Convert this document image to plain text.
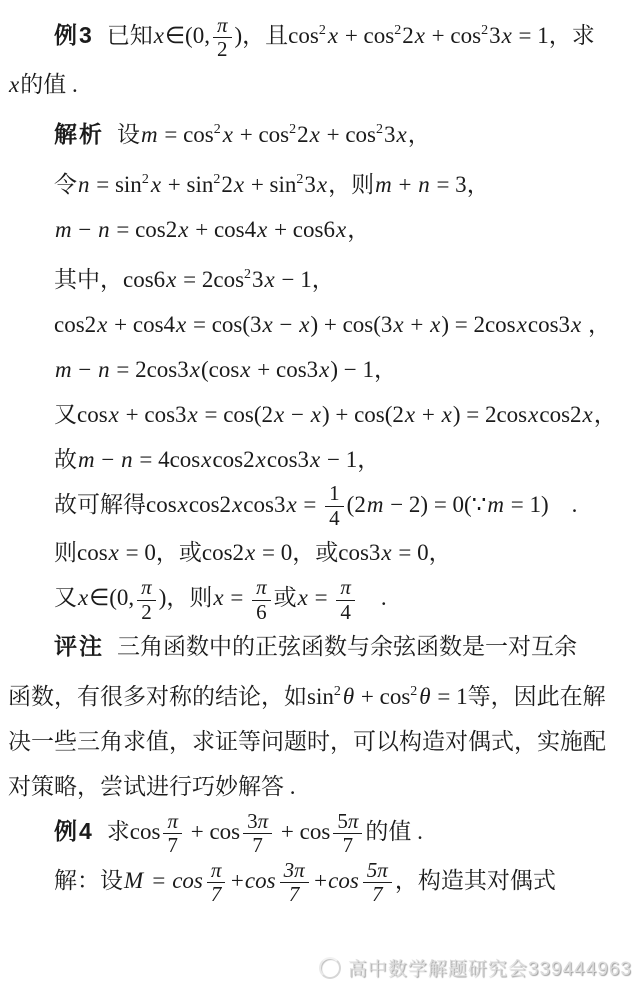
例3 已知x∈(0, $\frac{\pi}{2}$ )，且$\cos^2x + \cos^22x + \cos^23x = 1$，求
x的值 .
解析 设$m = \cos^2x + \cos^22x + \cos^23x$，
令$n = \sin^2x + \sin^22x + \sin^23x$，则m + n = 3，
m − n = cos2x + cos4x + cos6x，
其中，$\cos 6x = 2\cos^23x - 1$，
cos2x + cos4x = cos(3x − x) + cos(3x + x) = 2cosxcos3x ，
m − n = 2cos3x(cosx + cos3x) − 1，
又cosx + cos3x = cos(2x − x) + cos(2x + x) = 2cosxcos2x，
故m − n = 4cosxcos2xcos3x − 1，
故可解得cosxcos2xcos3x = $\frac{1}{4} (2m - 2)$ = 0(∵m = 1)　.
则cosx = 0，或cos2x = 0，或cos3x = 0，
又x∈(0, $\frac{\pi}{2}$ )，则$x = \frac{\pi}{6}$ 或$x = \frac{\pi}{4}$ 　.
评注 三角函数中的正弦函数与余弦函数是一对互余
函数，有很多对称的结论，如$\sin^2\theta + \cos^2\theta = 1$等，因此在解
决一些三角求值，求证等问题时，可以构造对偶式，实施配
对策略，尝试进行巧妙解答 .
例4 求$\cos \frac{\pi}{7} + \cos \frac{3\pi}{7} + \cos \frac{5\pi}{7}$ 的值 .
解：设$M = \cos \frac{\pi}{7} +\cos \frac{3\pi}{7} +\cos \frac{5\pi}{7}$ ，构造其对偶式
高中数学解题研究会339444963
